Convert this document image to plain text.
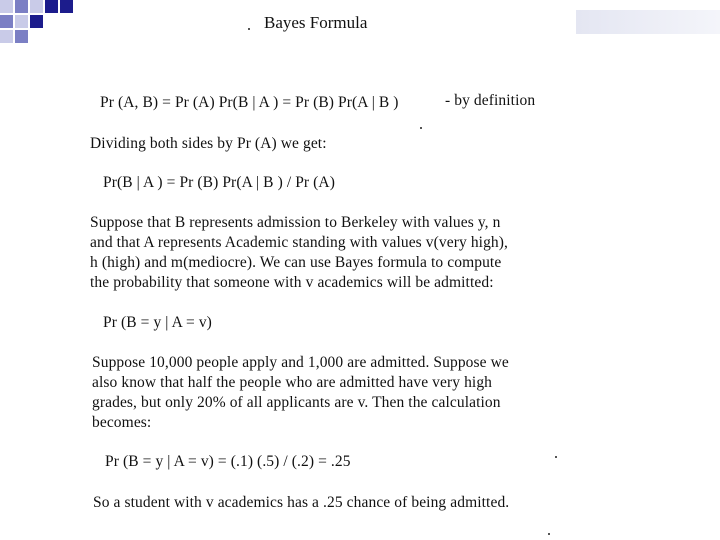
Bayes Formula
Pr (A, B) = Pr (A) Pr(B | A ) = Pr (B) Pr(A | B )	- by definition
Dividing both sides by Pr (A) we get:
Pr(B | A ) = Pr (B) Pr(A | B ) / Pr (A)
Suppose that B represents admission to Berkeley with values y, n
and that A represents Academic standing with values v(very high),
h (high) and m(mediocre). We can use Bayes formula to compute
the probability that someone with v academics will be admitted:
Pr (B = y | A = v)
Suppose 10,000 people apply and 1,000 are admitted. Suppose we
also know that half the people who are admitted have very high
grades, but only 20% of all applicants are v. Then the calculation
becomes:
Pr (B = y | A = v) = (.1) (.5) / (.2) = .25
So a student with v academics has a .25 chance of being admitted.
